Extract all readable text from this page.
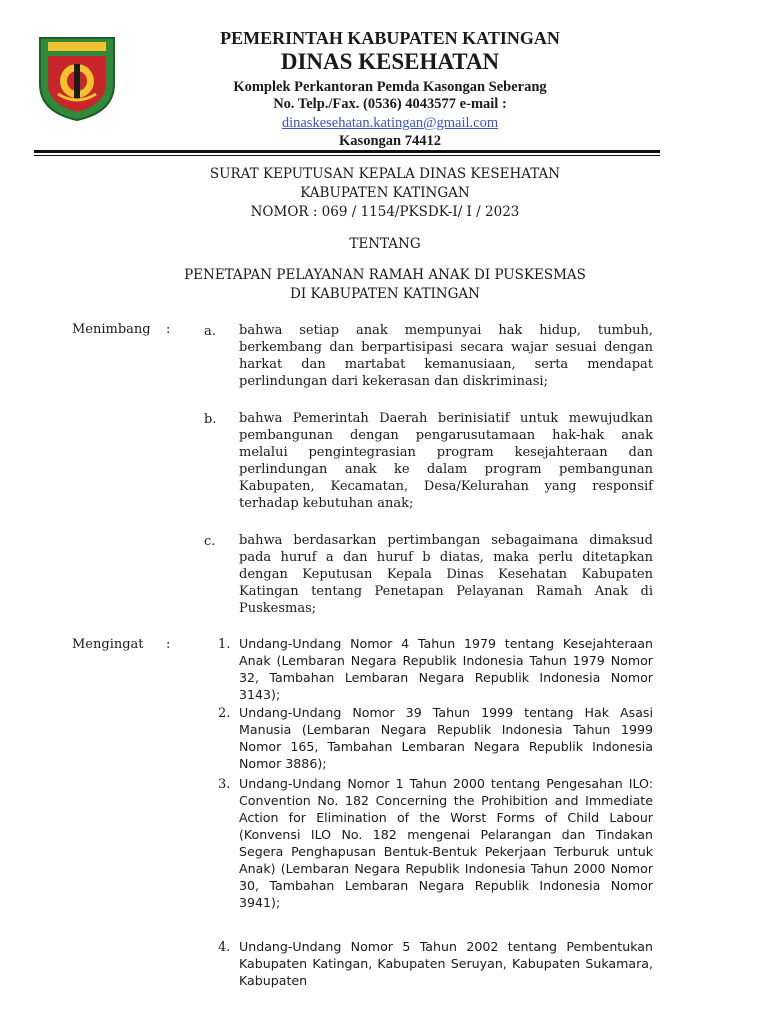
PEMERINTAH KABUPATEN KATINGAN
DINAS KESEHATAN
Komplek Perkantoran Pemda Kasongan Seberang
No. Telp./Fax. (0536) 4043577 e-mail :
dinaskesehatan.katingan@gmail.com
Kasongan 74412
SURAT KEPUTUSAN KEPALA DINAS KESEHATAN
KABUPATEN KATINGAN
NOMOR : 069 / 1154/PKSDK-I/ I / 2023
TENTANG
PENETAPAN PELAYANAN RAMAH ANAK DI PUSKESMAS
DI KABUPATEN KATINGAN
Menimbang :	a. bahwa setiap anak mempunyai hak hidup, tumbuh, berkembang dan berpartisipasi secara wajar sesuai dengan harkat dan martabat kemanusiaan, serta mendapat perlindungan dari kekerasan dan diskriminasi;
b. bahwa Pemerintah Daerah berinisiatif untuk mewujudkan pembangunan dengan pengarusutamaan hak-hak anak melalui pengintegrasian program kesejahteraan dan perlindungan anak ke dalam program pembangunan Kabupaten, Kecamatan, Desa/Kelurahan yang responsif terhadap kebutuhan anak;
c. bahwa berdasarkan pertimbangan sebagaimana dimaksud pada huruf a dan huruf b diatas, maka perlu ditetapkan dengan Keputusan Kepala Dinas Kesehatan Kabupaten Katingan tentang Penetapan Pelayanan Ramah Anak di Puskesmas;
Mengingat :	1. Undang-Undang Nomor 4 Tahun 1979 tentang Kesejahteraan Anak (Lembaran Negara Republik Indonesia Tahun 1979 Nomor 32, Tambahan Lembaran Negara Republik Indonesia Nomor 3143);
2. Undang-Undang Nomor 39 Tahun 1999 tentang Hak Asasi Manusia (Lembaran Negara Republik Indonesia Tahun 1999 Nomor 165, Tambahan Lembaran Negara Republik Indonesia Nomor 3886);
3. Undang-Undang Nomor 1 Tahun 2000 tentang Pengesahan ILO: Convention No. 182 Concerning the Prohibition and Immediate Action for Elimination of the Worst Forms of Child Labour (Konvensi ILO No. 182 mengenai Pelarangan dan Tindakan Segera Penghapusan Bentuk-Bentuk Pekerjaan Terburuk untuk Anak) (Lembaran Negara Republik Indonesia Tahun 2000 Nomor 30, Tambahan Lembaran Negara Republik Indonesia Nomor 3941);
4. Undang-Undang Nomor 5 Tahun 2002 tentang Pembentukan Kabupaten Katingan, Kabupaten Seruyan, Kabupaten Sukamara, Kabupaten
